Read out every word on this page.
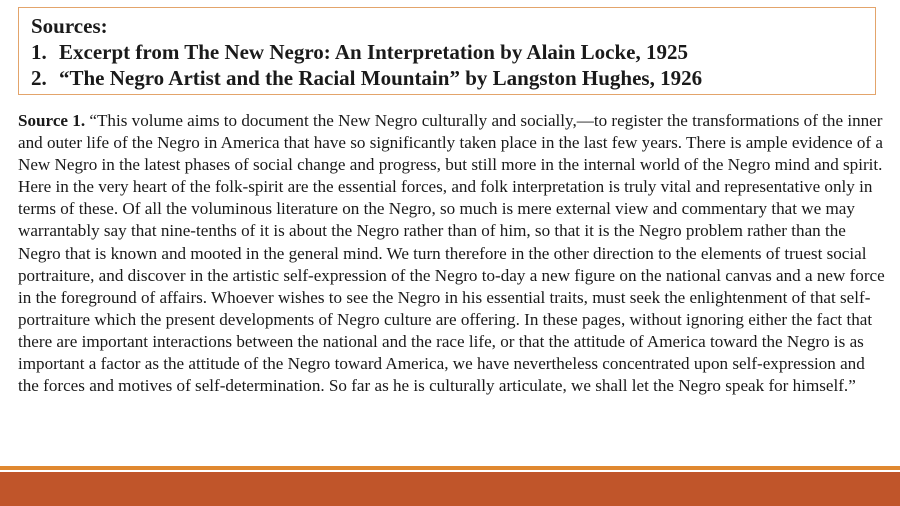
Sources:

1. Excerpt from The New Negro: An Interpretation by Alain Locke, 1925
2. “The Negro Artist and the Racial Mountain” by Langston Hughes, 1926

Source 1. “This volume aims to document the New Negro culturally and socially,—to register the transformations of the inner and outer life of the Negro in America that have so significantly taken place in the last few years. There is ample evidence of a New Negro in the latest phases of social change and progress, but still more in the internal world of the Negro mind and spirit. Here in the very heart of the folk-spirit are the essential forces, and folk interpretation is truly vital and representative only in terms of these. Of all the voluminous literature on the Negro, so much is mere external view and commentary that we may warrantably say that nine-tenths of it is about the Negro rather than of him, so that it is the Negro problem rather than the Negro that is known and mooted in the general mind. We turn therefore in the other direction to the elements of truest social portraiture, and discover in the artistic self-expression of the Negro to-day a new figure on the national canvas and a new force in the foreground of affairs. Whoever wishes to see the Negro in his essential traits, must seek the enlightenment of that self-portraiture which the present developments of Negro culture are offering. In these pages, without ignoring either the fact that there are important interactions between the national and the race life, or that the attitude of America toward the Negro is as important a factor as the attitude of the Negro toward America, we have nevertheless concentrated upon self-expression and the forces and motives of self-determination. So far as he is culturally articulate, we shall let the Negro speak for himself.”
